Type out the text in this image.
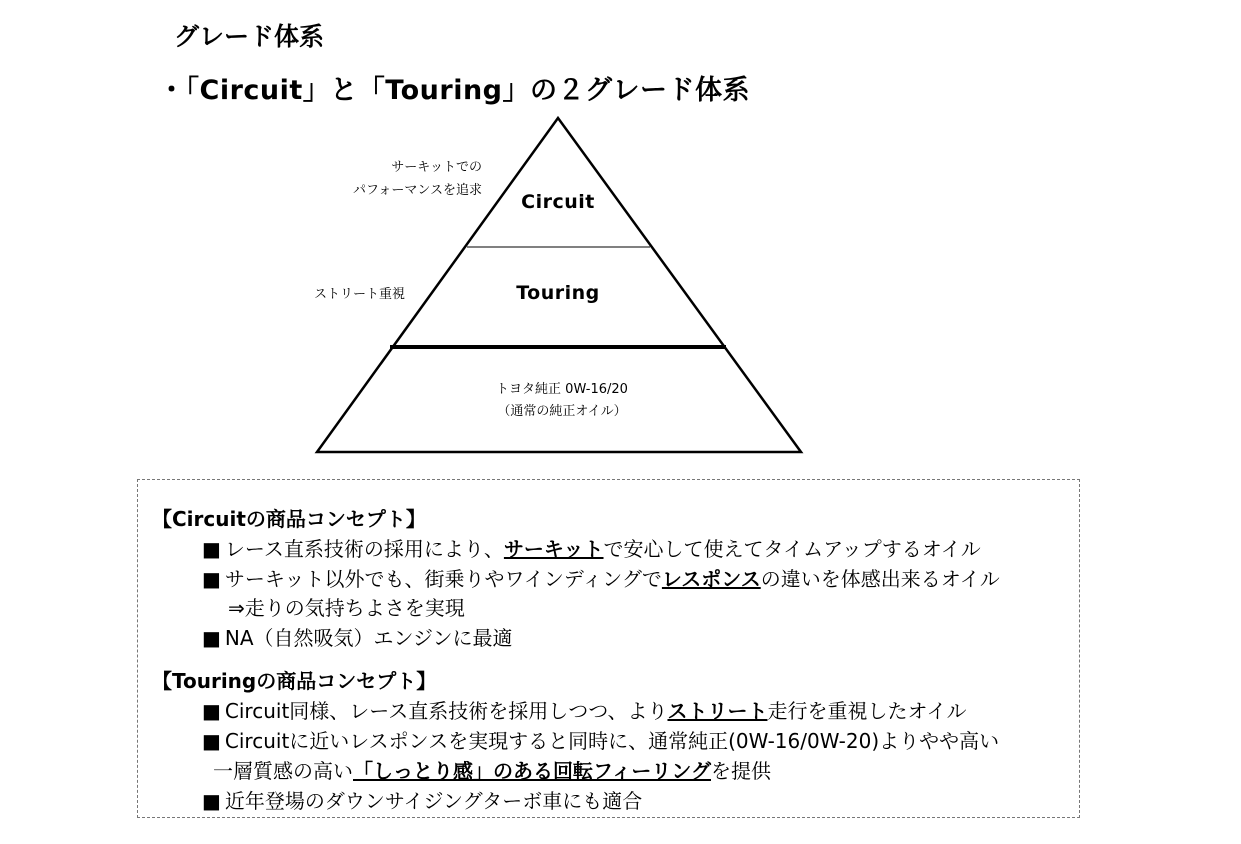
グレード体系
・「Circuit」と「Touring」の２グレード体系
サーキットでの
パフォーマンスを追求
ストリート重視
Circuit
Touring
トヨタ純正 0W-16/20
（通常の純正オイル）
【Circuitの商品コンセプト】
■ レース直系技術の採用により、サーキットで安心して使えてタイムアップするオイル
■ サーキット以外でも、街乗りやワインディングでレスポンスの違いを体感出来るオイル
⇒走りの気持ちよさを実現
■ NA（自然吸気）エンジンに最適
【Touringの商品コンセプト】
■ Circuit同様、レース直系技術を採用しつつ、よりストリート走行を重視したオイル
■ Circuitに近いレスポンスを実現すると同時に、通常純正(0W-16/0W-20)よりやや高い
一層質感の高い「しっとり感」のある回転フィーリングを提供
■ 近年登場のダウンサイジングターボ車にも適合
